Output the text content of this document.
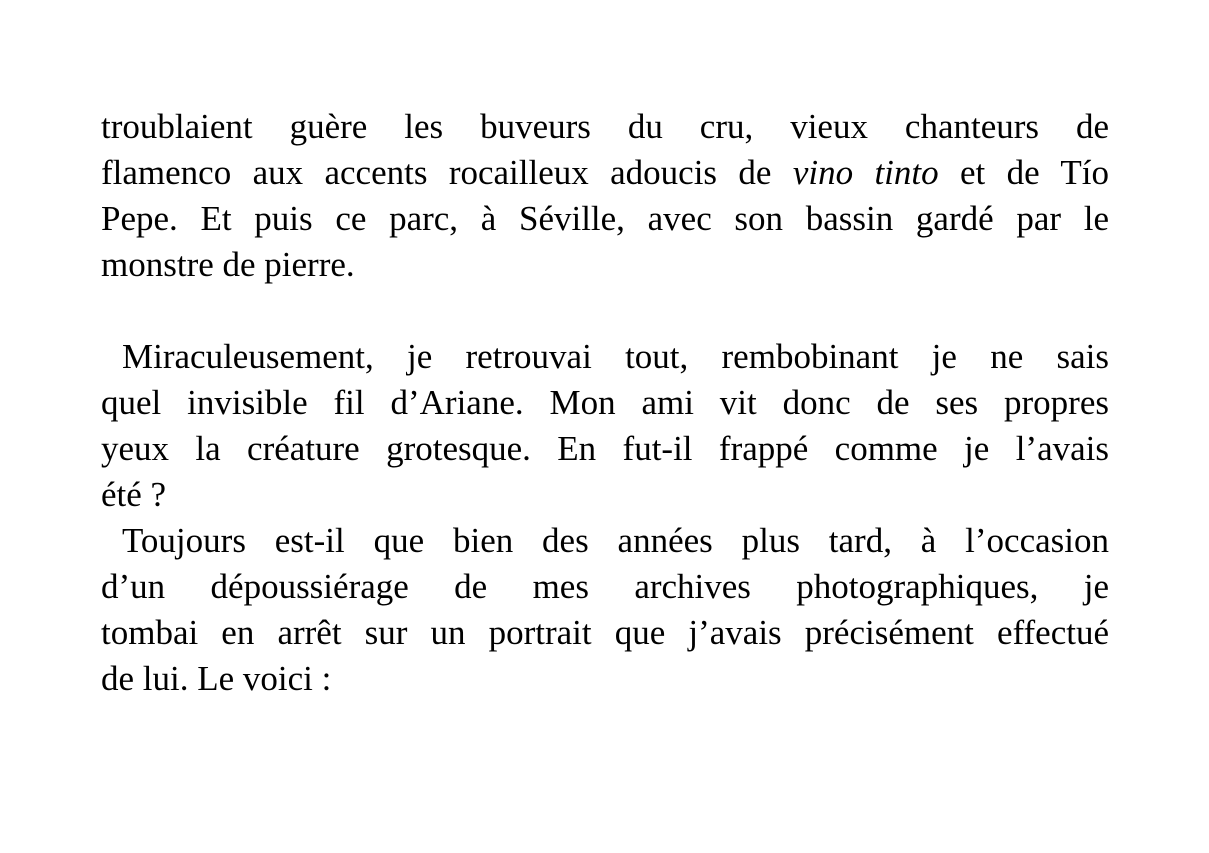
troublaient guère les buveurs du cru, vieux chanteurs de
flamenco aux accents rocailleux adoucis de vino tinto et de Tío
Pepe. Et puis ce parc, à Séville, avec son bassin gardé par le
monstre de pierre.
Miraculeusement, je retrouvai tout, rembobinant je ne sais
quel invisible fil d’Ariane. Mon ami vit donc de ses propres
yeux la créature grotesque. En fut-il frappé comme je l’avais
été ?
Toujours est-il que bien des années plus tard, à l’occasion
d’un dépoussiérage de mes archives photographiques, je
tombai en arrêt sur un portrait que j’avais précisément effectué
de lui. Le voici :
